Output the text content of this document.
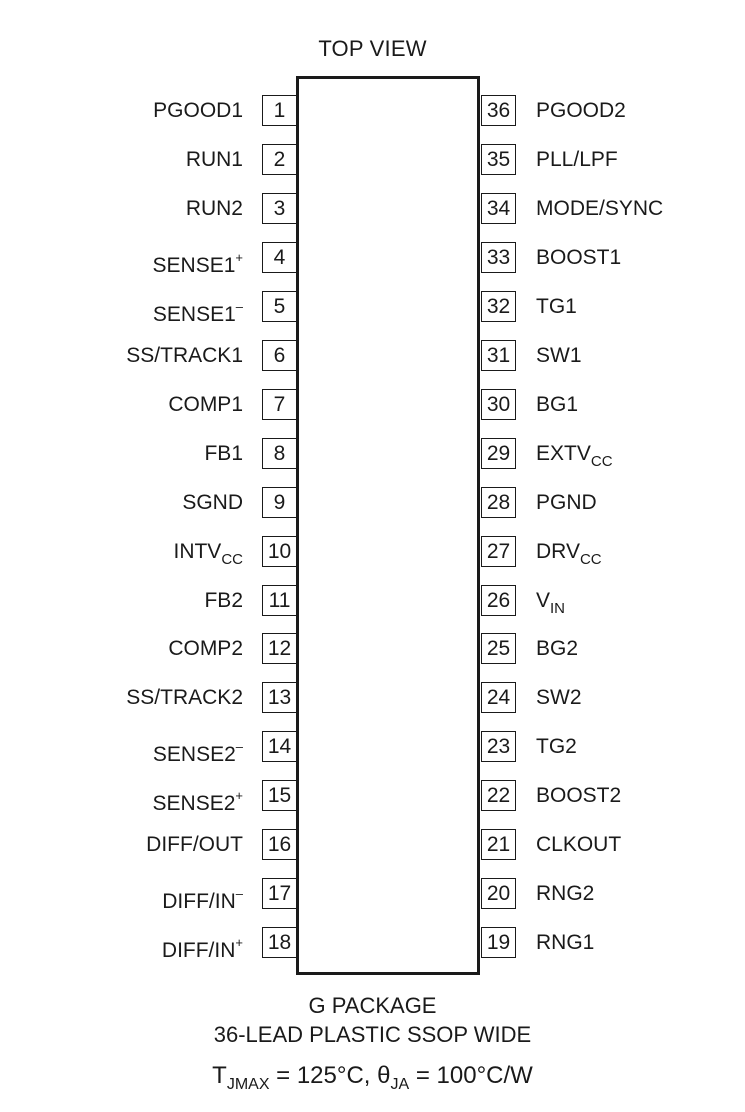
TOP VIEW
1
PGOOD1
2
RUN1
3
RUN2
4
SENSE1+
5
SENSE1–
6
SS/TRACK1
7
COMP1
8
FB1
9
SGND
10
$INTV_{CC}$
11
FB2
12
COMP2
13
SS/TRACK2
14
SENSE2–
15
SENSE2+
16
DIFF/OUT
17
DIFF/IN–
18
DIFF/IN+
36 PGOOD2
35 PLL/LPF
34 MODE/SYNC
33 BOOST1
32 TG1
31 SW1
30 BG1
29 $EXTV_{CC}$
28 PGND
27 $DRV_{CC}$
26 $V_{IN}$
25 BG2
24 SW2
23 TG2
22 BOOST2
21 CLKOUT
20 RNG2
19 RNG1
G PACKAGE
36-LEAD PLASTIC SSOP WIDE
$T_{JMAX} = 125^\circ C$, $\theta_{JA} = 100^\circ C/W$
